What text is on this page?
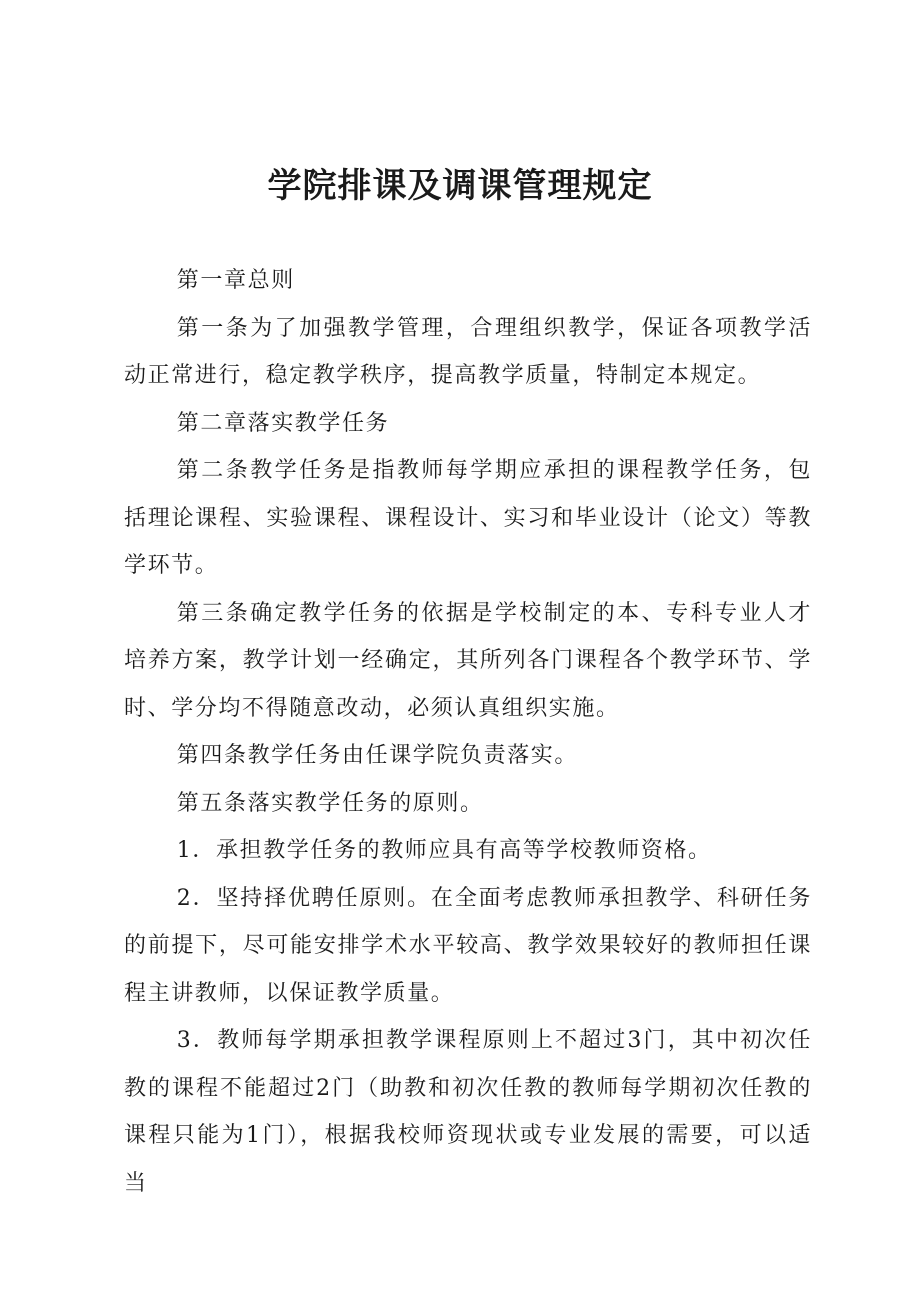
学院排课及调课管理规定

第一章总则

第一条为了加强教学管理，合理组织教学，保证各项教学活动正常进行，稳定教学秩序，提高教学质量，特制定本规定。

第二章落实教学任务

第二条教学任务是指教师每学期应承担的课程教学任务，包括理论课程、实验课程、课程设计、实习和毕业设计（论文）等教学环节。

第三条确定教学任务的依据是学校制定的本、专科专业人才培养方案，教学计划一经确定，其所列各门课程各个教学环节、学时、学分均不得随意改动，必须认真组织实施。

第四条教学任务由任课学院负责落实。

第五条落实教学任务的原则。

1．承担教学任务的教师应具有高等学校教师资格。

2．坚持择优聘任原则。在全面考虑教师承担教学、科研任务的前提下，尽可能安排学术水平较高、教学效果较好的教师担任课程主讲教师，以保证教学质量。

3．教师每学期承担教学课程原则上不超过3门，其中初次任教的课程不能超过2门（助教和初次任教的教师每学期初次任教的课程只能为1门），根据我校师资现状或专业发展的需要，可以适当
